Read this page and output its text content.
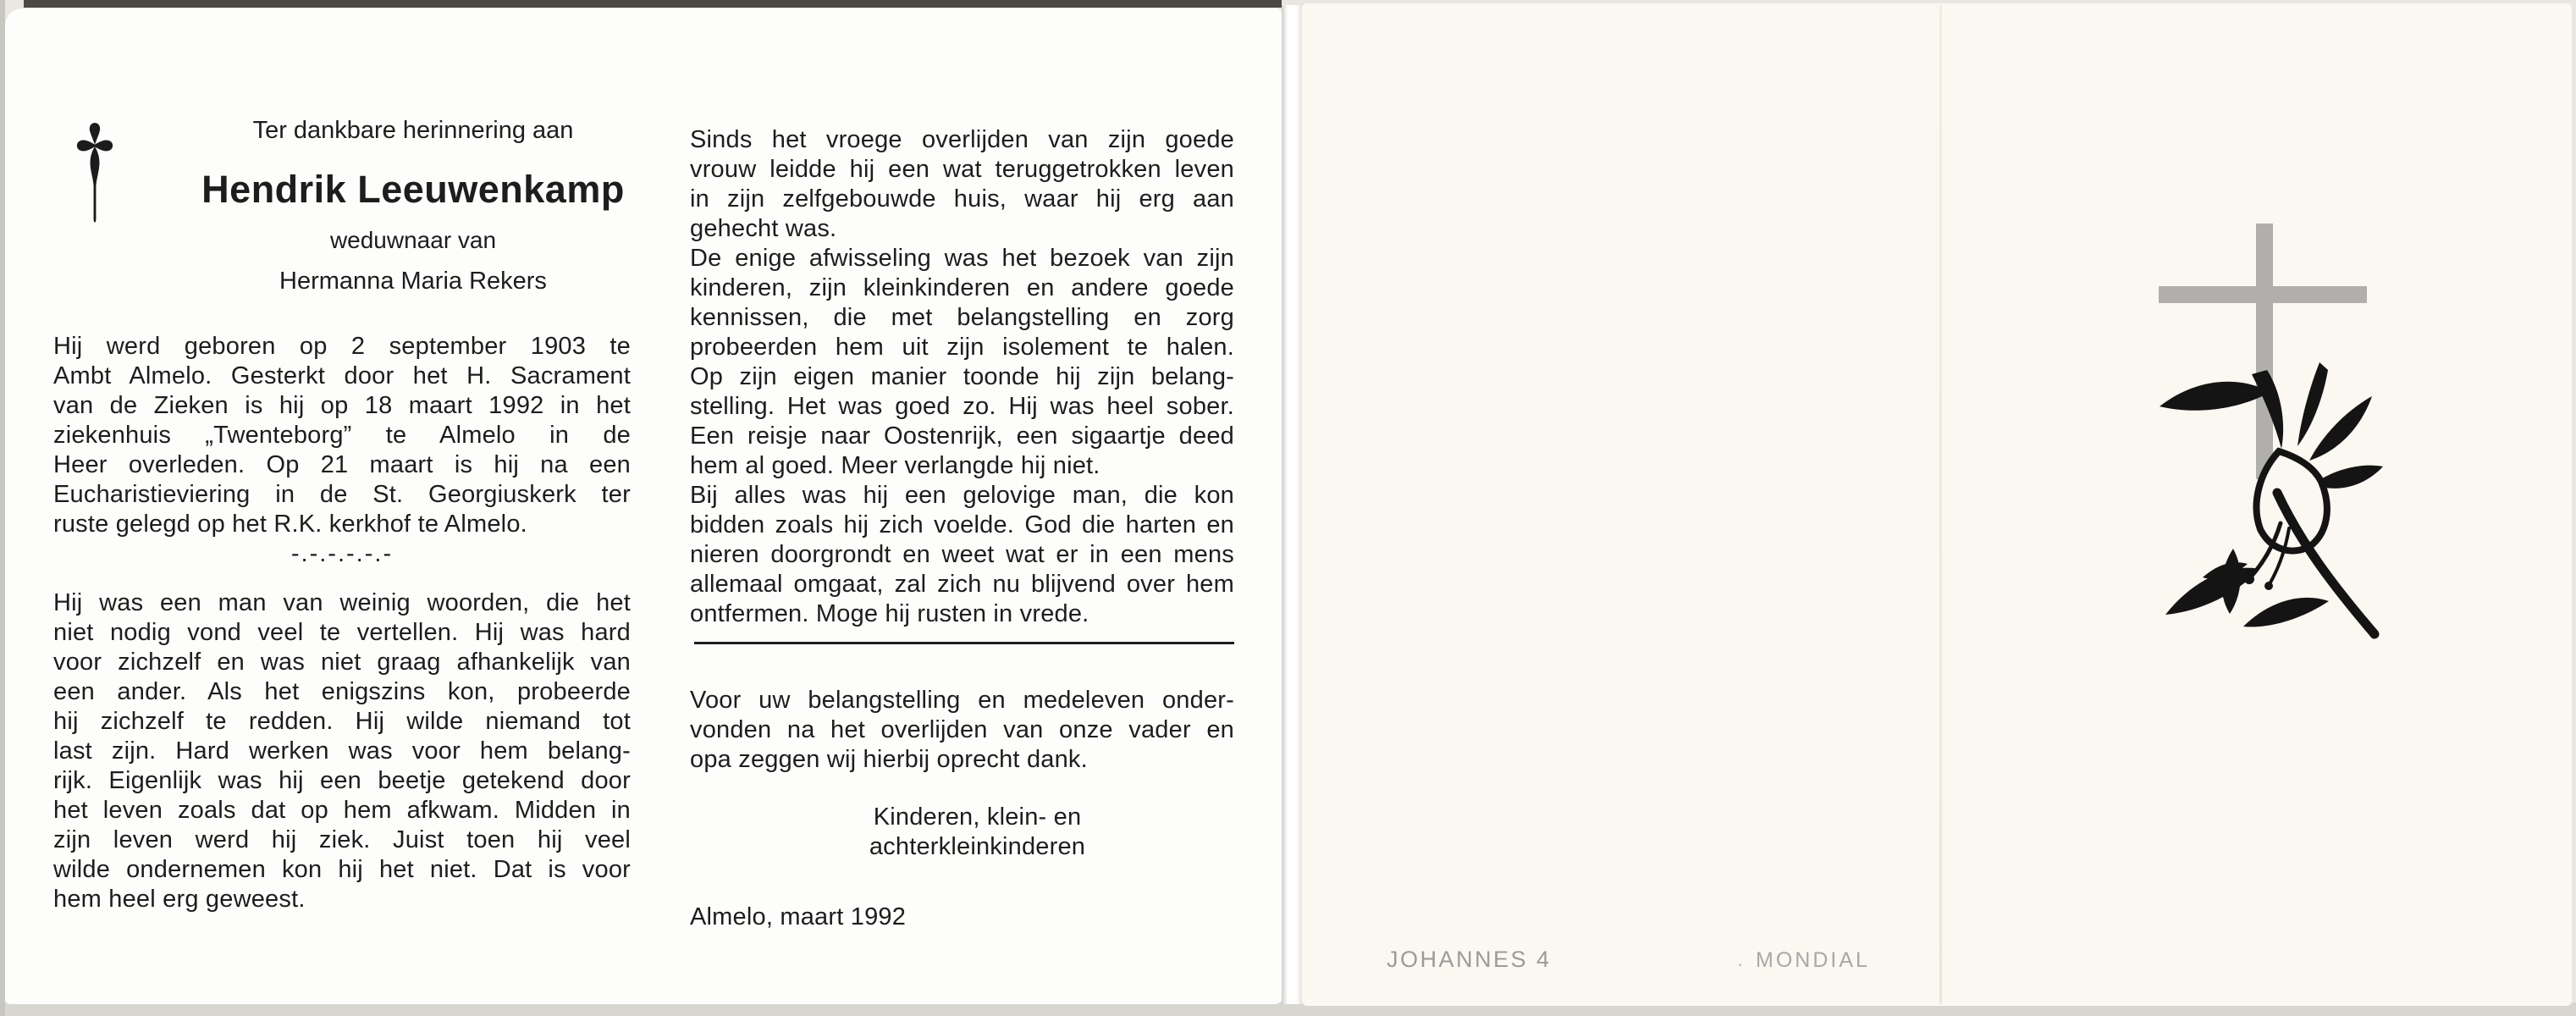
Ter dankbare herinnering aan
Hendrik Leeuwenkamp
weduwnaar van
Hermanna Maria Rekers
Hij werd geboren op 2 september 1903 te
Ambt Almelo. Gesterkt door het H. Sacrament
van de Zieken is hij op 18 maart 1992 in het
ziekenhuis „Twenteborg” te Almelo in de
Heer overleden. Op 21 maart is hij na een
Eucharistieviering in de St. Georgiuskerk ter
ruste gelegd op het R.K. kerkhof te Almelo.
-.-.-.-.-.-
Hij was een man van weinig woorden, die het
niet nodig vond veel te vertellen. Hij was hard
voor zichzelf en was niet graag afhankelijk van
een ander. Als het enigszins kon, probeerde
hij zichzelf te redden. Hij wilde niemand tot
last zijn. Hard werken was voor hem belang-
rijk. Eigenlijk was hij een beetje getekend door
het leven zoals dat op hem afkwam. Midden in
zijn leven werd hij ziek. Juist toen hij veel
wilde ondernemen kon hij het niet. Dat is voor
hem heel erg geweest.
Sinds het vroege overlijden van zijn goede
vrouw leidde hij een wat teruggetrokken leven
in zijn zelfgebouwde huis, waar hij erg aan
gehecht was.
De enige afwisseling was het bezoek van zijn
kinderen, zijn kleinkinderen en andere goede
kennissen, die met belangstelling en zorg
probeerden hem uit zijn isolement te halen.
Op zijn eigen manier toonde hij zijn belang-
stelling. Het was goed zo. Hij was heel sober.
Een reisje naar Oostenrijk, een sigaartje deed
hem al goed. Meer verlangde hij niet.
Bij alles was hij een gelovige man, die kon
bidden zoals hij zich voelde. God die harten en
nieren doorgrondt en weet wat er in een mens
allemaal omgaat, zal zich nu blijvend over hem
ontfermen. Moge hij rusten in vrede.
Voor uw belangstelling en medeleven onder-
vonden na het overlijden van onze vader en
opa zeggen wij hierbij oprecht dank.
Kinderen, klein- en
achterkleinkinderen
Almelo, maart 1992
JOHANNES 4	· MONDIAL
